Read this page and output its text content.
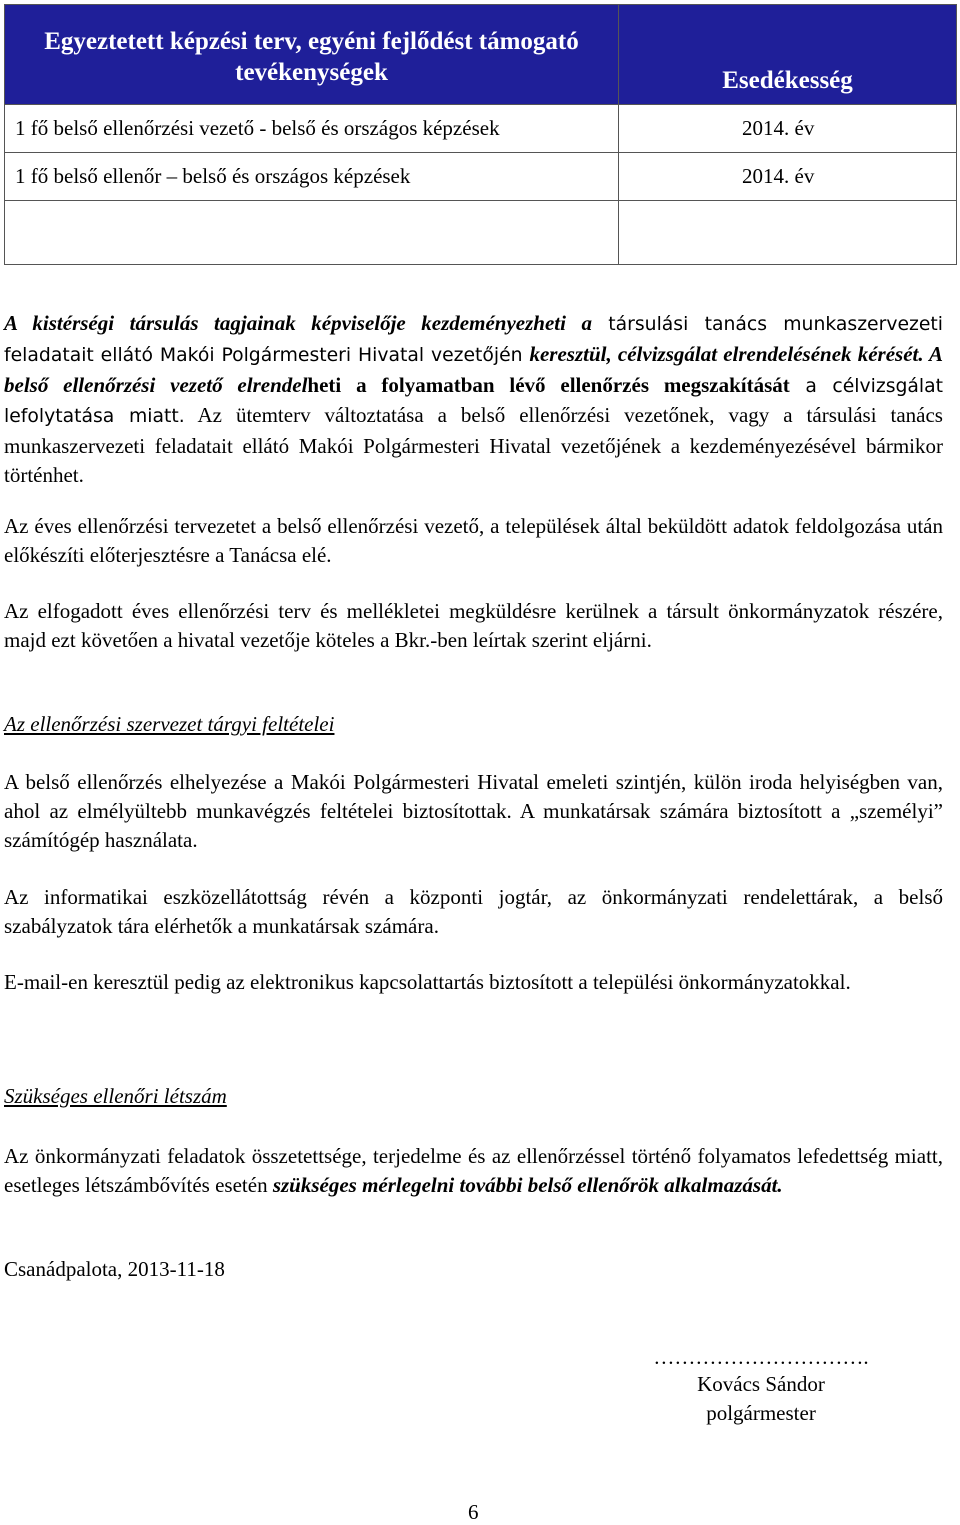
Egyeztetett képzési terv, egyéni fejlődést támogató tevékenységek	Esedékesség
1 fő belső ellenőrzési vezető - belső és országos képzések	2014. év
1 fő belső ellenőr – belső és országos képzések	2014. év

A kistérségi társulás tagjainak képviselője kezdeményezheti a társulási tanács munkaszervezeti feladatait ellátó Makói Polgármesteri Hivatal vezetőjén keresztül, célvizsgálat elrendelésének kérését. A belső ellenőrzési vezető elrendelheti a folyamatban lévő ellenőrzés megszakítását a célvizsgálat lefolytatása miatt. Az ütemterv változtatása a belső ellenőrzési vezetőnek, vagy a társulási tanács munkaszervezeti feladatait ellátó Makói Polgármesteri Hivatal vezetőjének a kezdeményezésével bármikor történhet.

Az éves ellenőrzési tervezetet a belső ellenőrzési vezető, a települések által beküldött adatok feldolgozása után előkészíti előterjesztésre a Tanácsa elé.

Az elfogadott éves ellenőrzési terv és mellékletei megküldésre kerülnek a társult önkormányzatok részére, majd ezt követően a hivatal vezetője köteles a Bkr.-ben leírtak szerint eljárni.

Az ellenőrzési szervezet tárgyi feltételei

A belső ellenőrzés elhelyezése a Makói Polgármesteri Hivatal emeleti szintjén, külön iroda helyiségben van, ahol az elmélyültebb munkavégzés feltételei biztosítottak. A munkatársak számára biztosított a „személyi” számítógép használata.

Az informatikai eszközellátottság révén a központi jogtár, az önkormányzati rendelettárak, a belső szabályzatok tára elérhetők a munkatársak számára.

E-mail-en keresztül pedig az elektronikus kapcsolattartás biztosított a települési önkormányzatokkal.

Szükséges ellenőri létszám

Az önkormányzati feladatok összetettsége, terjedelme és az ellenőrzéssel történő folyamatos lefedettség miatt, esetleges létszámbővítés esetén szükséges mérlegelni további belső ellenőrök alkalmazását.

Csanádpalota, 2013-11-18
………………………….
Kovács Sándor
polgármester
6
